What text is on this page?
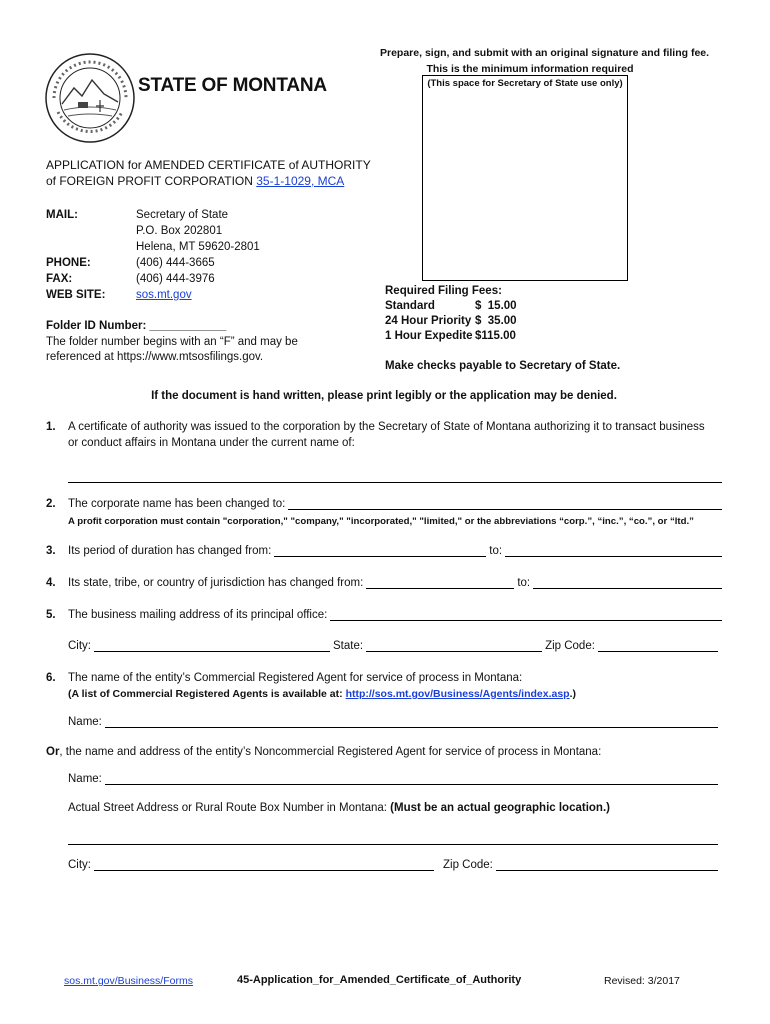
STATE OF MONTANA
Prepare, sign, and submit with an original signature and filing fee.
This is the minimum information required
(This space for Secretary of State use only)
APPLICATION for AMENDED CERTIFICATE of AUTHORITY
of FOREIGN PROFIT CORPORATION 35-1-1029, MCA
MAIL:	Secretary of State
P.O. Box 202801
Helena, MT 59620-2801
PHONE:	(406) 444-3665
FAX:	(406) 444-3976
WEB SITE:	sos.mt.gov
Folder ID Number: ____________
The folder number begins with an “F” and may be
referenced at https://www.mtsosfilings.gov.
Required Filing Fees:
Standard	$  15.00
24 Hour Priority $  35.00
1 Hour Expedite $115.00
Make checks payable to Secretary of State.
If the document is hand written, please print legibly or the application may be denied.
1. A certificate of authority was issued to the corporation by the Secretary of State of Montana authorizing it to transact business
or conduct affairs in Montana under the current name of:
2.	The corporate name has been changed to:
A profit corporation must contain "corporation," "company," "incorporated," "limited," or the abbreviations “corp.”, “inc.”, “co.”, or “ltd.”
3.	Its period of duration has changed from:	to:
4.	Its state, tribe, or country of jurisdiction has changed from:	to:
5.	The business mailing address of its principal office:
City:	State:	Zip Code:
6. The name of the entity’s Commercial Registered Agent for service of process in Montana:
(A list of Commercial Registered Agents is available at: http://sos.mt.gov/Business/Agents/index.asp.)
Name:
Or, the name and address of the entity’s Noncommercial Registered Agent for service of process in Montana:
Name:
Actual Street Address or Rural Route Box Number in Montana: (Must be an actual geographic location.)
City:	Zip Code:
sos.mt.gov/Business/Forms	45-Application_for_Amended_Certificate_of_Authority	Revised: 3/2017
